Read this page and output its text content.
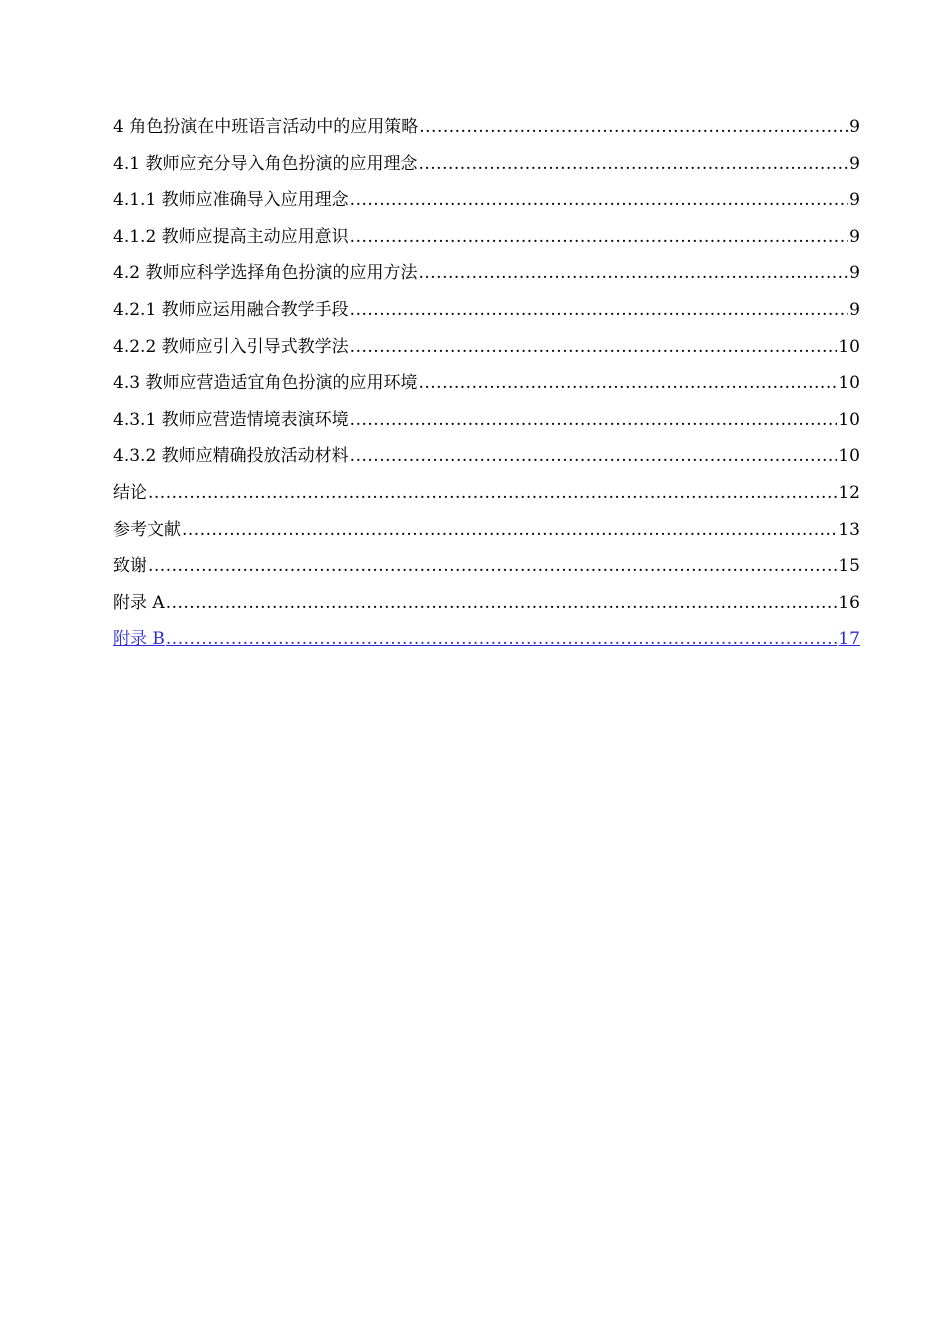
4 角色扮演在中班语言活动中的应用策略 .....	9
4.1 教师应充分导入角色扮演的应用理念 .....	9
4.1.1 教师应准确导入应用理念 .....	9
4.1.2 教师应提高主动应用意识 .....	9
4.2 教师应科学选择角色扮演的应用方法 .....	9
4.2.1 教师应运用融合教学手段 .....	9
4.2.2 教师应引入引导式教学法 .....	10
4.3 教师应营造适宜角色扮演的应用环境 .....	10
4.3.1 教师应营造情境表演环境 .....	10
4.3.2 教师应精确投放活动材料 .....	10
结论 .....	12
参考文献 .....	13
致谢 .....	15
附录 A .....	16
附录 B .....	17
